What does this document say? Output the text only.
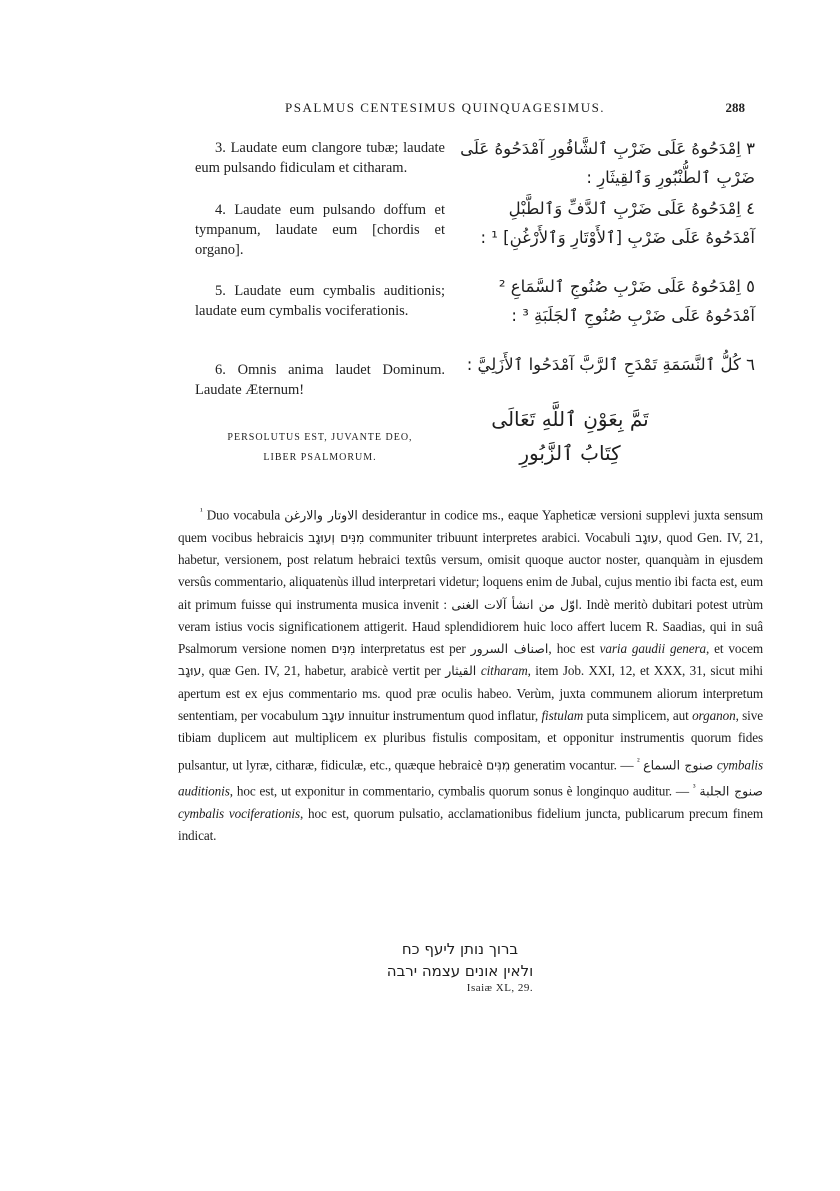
PSALMUS CENTESIMUS QUINQUAGESIMUS.	288
3. Laudate eum clangore tubæ; laudate eum pulsando fidiculam et citharam.
٣ اِمْدَحُوهُ عَلَى ضَرْبِ ٱلشَّافُورِ آمْدَحُوهُ عَلَى ضَرْبِ ٱلطُّنْبُورِ وَٱلقِيثَارِ :
4. Laudate eum pulsando doffum et tympanum, laudate eum [chordis et organo].
٤ اِمْدَحُوهُ عَلَى ضَرْبِ ٱلدَّفِّ وَٱلطَّبْلِ آمْدَحُوهُ عَلَى ضَرْبِ [ٱلأَوْتَارِ وَٱلأَرْغُنِ] ¹ :
5. Laudate eum cymbalis auditionis; laudate eum cymbalis vociferationis.
٥ اِمْدَحُوهُ عَلَى ضَرْبِ صُنُوجِ ٱلسَّمَاعِ ² آمْدَحُوهُ عَلَى ضَرْبِ صُنُوجِ ٱلجَلَبَةِ ³ :
6. Omnis anima laudet Dominum. Laudate Æternum!
٦ كُلُّ ٱلنَّسَمَةِ تَمْدَحِ ٱلرَّبَّ آمْدَحُوا ٱلأَزَلِيَّ :
PERSOLUTUS EST, JUVANTE DEO,
LIBER PSALMORUM.
تَمَّ بِعَوْنِ ٱللَّهِ تَعَالَى
كِتَابُ ٱلزَّبُورِ

$^{^1}$ Duo vocabula الاوتار والارغن desiderantur in codice ms., eaque Yapheticæ versioni supplevi juxta sensum quem vocibus hebraicis מִנִּים וְעוּגָב communiter tribuunt interpretes arabici. Vocabuli עוּגָב, quod Gen. IV, 21, habetur, versionem, post relatum hebraici textûs versum, omisit quoque auctor noster, quanquàm in ejusdem versûs commentario, aliquatenùs illud interpretari videtur; loquens enim de Jubal, cujus mentio ibi facta est, eum ait primum fuisse qui instrumenta musica invenit : اوّل من انشأ آلات الغنى. Indè meritò dubitari potest utrùm veram istius vocis significationem attigerit. Haud splendidiorem huic loco affert lucem R. Saadias, qui in suâ Psalmorum versione nomen מִנִּים interpretatus est per اصناف السرور, hoc est varia gaudii genera, et vocem עוּגָב, quæ Gen. IV, 21, habetur, arabicè vertit per القيثار citharam, item Job. XXI, 12, et XXX, 31, sicut mihi apertum est ex ejus commentario ms. quod præ oculis habeo. Verùm, juxta communem aliorum interpretum sententiam, per vocabulum עוּגָב innuitur instrumentum quod inflatur, fistulam puta simplicem, aut organon, sive tibiam duplicem aut multiplicem ex pluribus fistulis compositam, et opponitur instrumentis quorum fides pulsantur, ut lyræ, citharæ, fidiculæ, etc., quæque hebraicè מִנִּים generatim vocantur. — $^{^2}$ صنوج السماع cymbalis auditionis, hoc est, ut exponitur in commentario, cymbalis quorum sonus è longinquo auditur. — $^{^3}$ صنوج الجلبة cymbalis vociferationis, hoc est, quorum pulsatio, acclamationibus fidelium juncta, publicarum precum finem indicat.

ברוך נותן ליעף כח
ולאין אונים עצמה ירבה
Isaiæ XL, 29.
